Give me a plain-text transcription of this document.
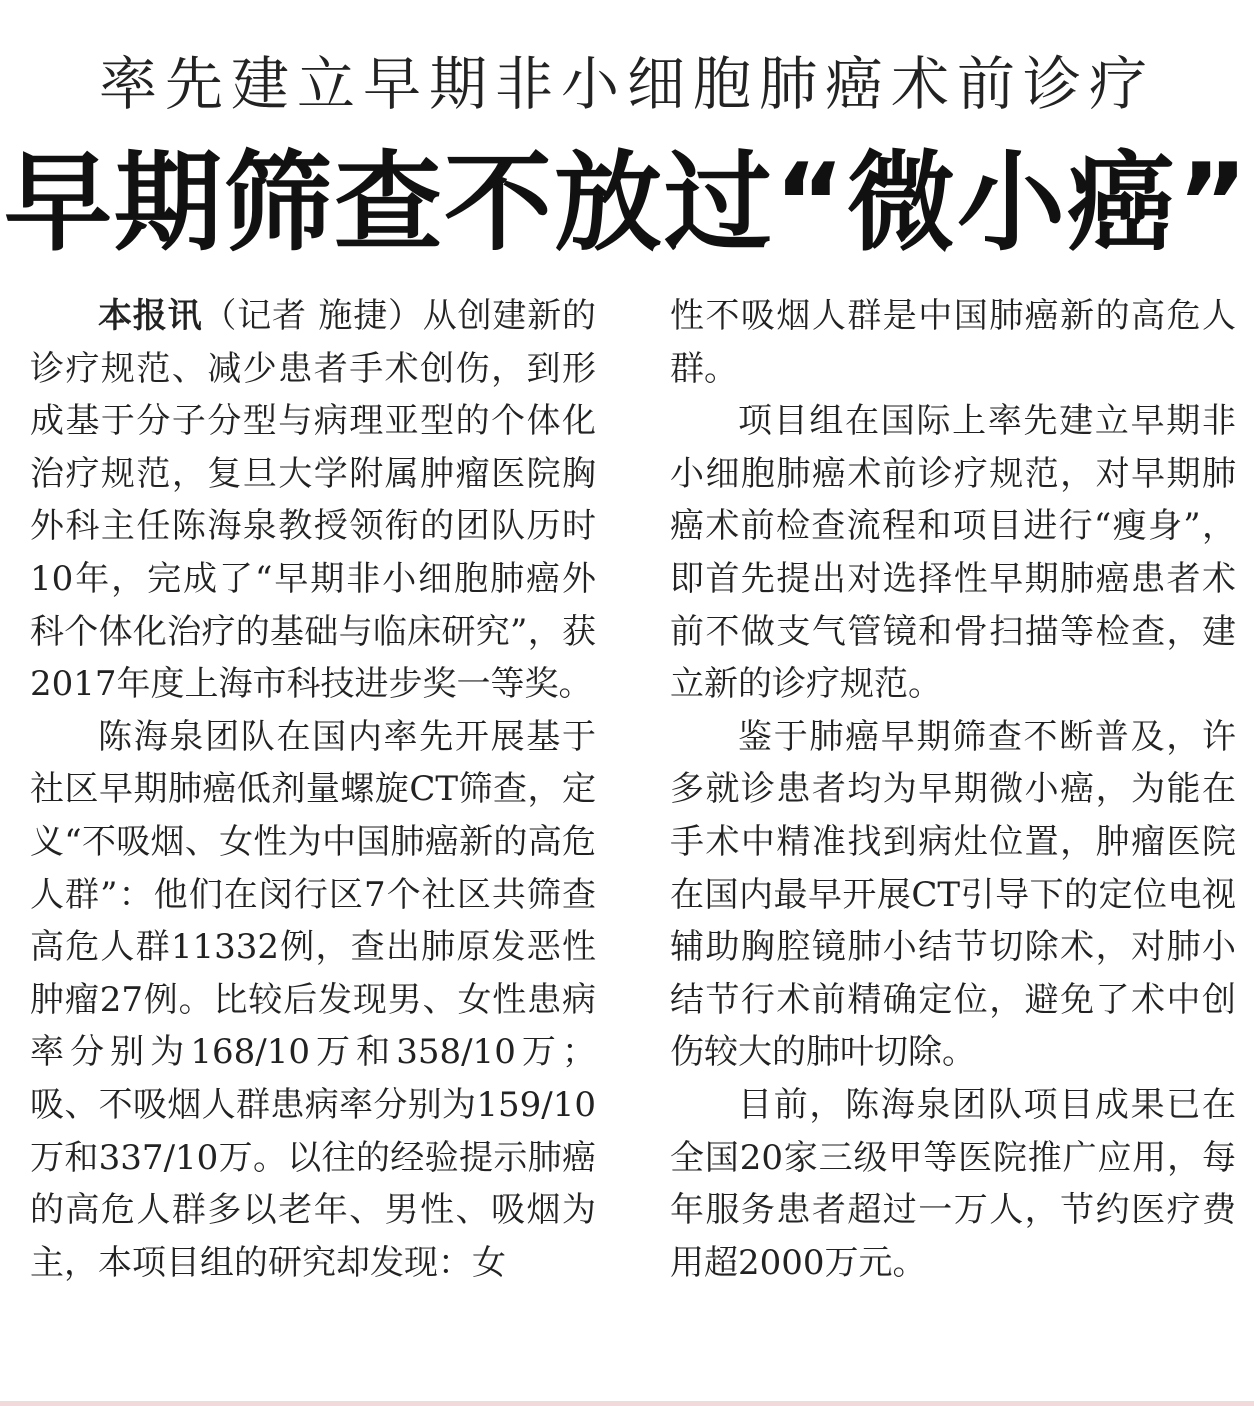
率先建立早期非小细胞肺癌术前诊疗
早期筛查不放过“微小癌”

本报讯（记者 施捷）从创建新的诊疗规范、减少患者手术创伤，到形成基于分子分型与病理亚型的个体化治疗规范，复旦大学附属肿瘤医院胸外科主任陈海泉教授领衔的团队历时10年，完成了“早期非小细胞肺癌外科个体化治疗的基础与临床研究”，获2017年度上海市科技进步奖一等奖。

陈海泉团队在国内率先开展基于社区早期肺癌低剂量螺旋CT筛查，定义“不吸烟、女性为中国肺癌新的高危人群”：他们在闵行区7个社区共筛查高危人群11332例，查出肺原发恶性肿瘤27例。比较后发现男、女性患病率分别为168/10万和358/10万；吸、不吸烟人群患病率分别为159/10万和337/10万。以往的经验提示肺癌的高危人群多以老年、男性、吸烟为主，本项目组的研究却发现：女

性不吸烟人群是中国肺癌新的高危人群。

项目组在国际上率先建立早期非小细胞肺癌术前诊疗规范，对早期肺癌术前检查流程和项目进行“瘦身”，即首先提出对选择性早期肺癌患者术前不做支气管镜和骨扫描等检查，建立新的诊疗规范。

鉴于肺癌早期筛查不断普及，许多就诊患者均为早期微小癌，为能在手术中精准找到病灶位置，肿瘤医院在国内最早开展CT引导下的定位电视辅助胸腔镜肺小结节切除术，对肺小结节行术前精确定位，避免了术中创伤较大的肺叶切除。

目前，陈海泉团队项目成果已在全国20家三级甲等医院推广应用，每年服务患者超过一万人，节约医疗费用超2000万元。
